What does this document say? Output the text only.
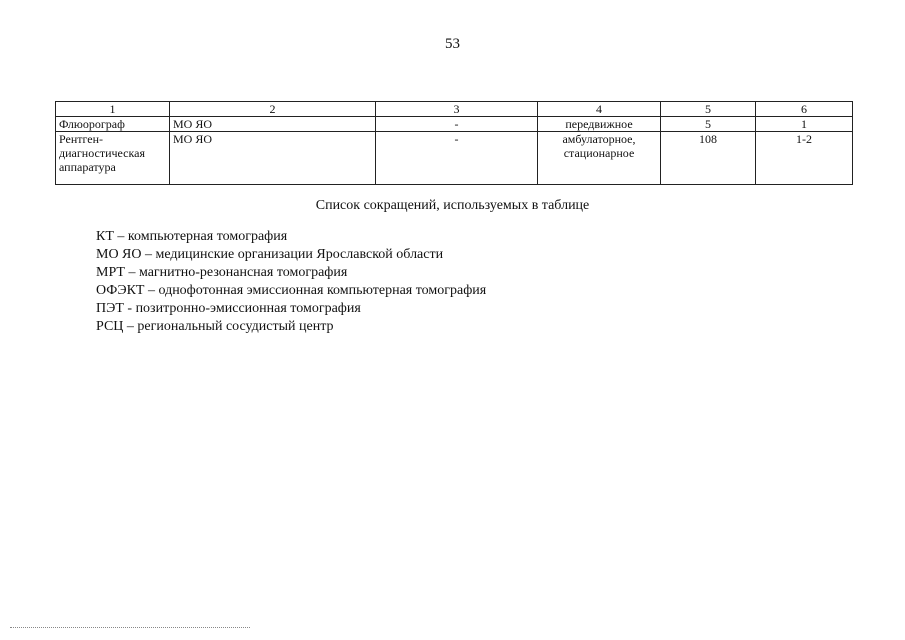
53
1	2	3	4	5	6
Флюорограф	МО ЯО	-	передвижное	5	1
Рентген-диагностическая аппаратура	МО ЯО	-	амбулаторное, стационарное	108	1-2
Список сокращений, используемых в таблице
КТ – компьютерная томография
МО ЯО – медицинские организации Ярославской области
МРТ – магнитно-резонансная томография
ОФЭКТ – однофотонная эмиссионная компьютерная томография
ПЭТ - позитронно-эмиссионная томография
РСЦ – региональный сосудистый центр
